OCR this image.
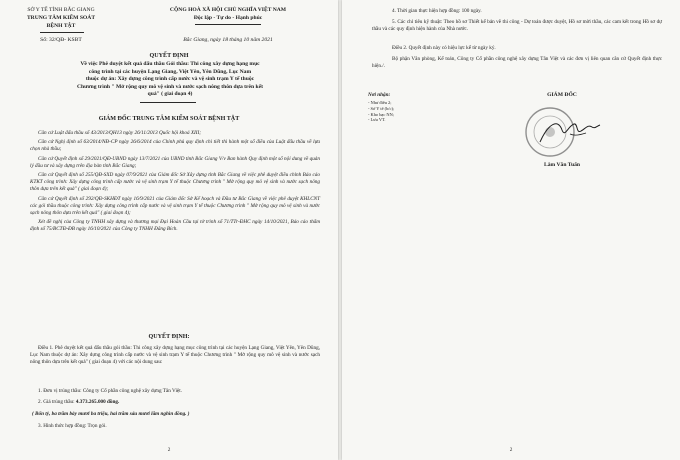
SỞ Y TẾ TỈNH BẮC GIANG
TRUNG TÂM KIỂM SOÁT
BỆNH TẬT
Số: 32/QĐ- KSBT
CỘNG HOÀ XÃ HỘI CHỦ NGHĨA VIỆT NAM
Độc lập - Tự do - Hạnh phúc
Bắc Giang, ngày 18 tháng 10 năm 2021
QUYẾT ĐỊNH
Về việc Phê duyệt kết quả đấu thầu Gói thầu: Thi công xây dựng hạng mục
công trình tại các huyện Lạng Giang, Việt Yên, Yên Dũng, Lục Nam
thuộc dự án: Xây dựng công trình cấp nước và vệ sinh trạm Y tế thuộc
Chương trình " Mở rộng quy mô vệ sinh và nước sạch nông thôn dựa trên kết
quả" ( giai đoạn 4)
GIÁM ĐỐC TRUNG TÂM KIỂM SOÁT BỆNH TẬT
Căn cứ Luật đấu thầu số 43/2013/QH13 ngày 26/11/2013 Quốc hội khoá XIII;
Căn cứ Nghị định số 63/2014/NĐ-CP ngày 26/6/2014 của Chính phủ quy định chi tiết thi hành một số điều của Luật đấu thầu về lựa chọn nhà thầu;
Căn cứ Quyết định số 29/2021/QĐ-UBND ngày 13/7/2021 của UBND tỉnh Bắc Giang V/v Ban hành Quy định một số nội dung về quản lý đầu tư và xây dựng trên địa bàn tỉnh Bắc Giang;
Căn cứ Quyết định số 255/QĐ-SXD ngày 07/9/2021 của Giám đốc Sở Xây dựng tỉnh Bắc Giang về việc phê duyệt điều chỉnh Báo cáo KTKT công trình: Xây dựng công trình cấp nước và vệ sinh trạm Y tế thuộc Chương trình " Mở rộng quy mô vệ sinh và nước sạch nông thôn dựa trên kết quả" ( giai đoạn 4);
Căn cứ Quyết định số 292/QĐ-SKHĐT ngày 16/9/2021 của Giám đốc Sở Kế hoạch và Đầu tư Bắc Giang về việc phê duyệt KHLCNT các gói thầu thuộc công trình: Xây dựng công trình cấp nước và vệ sinh trạm Y tế thuộc Chương trình " Mở rộng quy mô vệ sinh và nước sạch nông thôn dựa trên kết quả" ( giai đoạn 4);
Xét đề nghị của Công ty TNHH xây dựng và thương mại Đại Hoàn Cầu tại tờ trình số 71/TTr-ĐHC ngày 14/10/2021, Báo cáo thẩm định số 75/BCTĐ-ĐB ngày 16/10/2021 của Công ty TNHH Đăng Bích.
QUYẾT ĐỊNH:
Điều 1. Phê duyệt kết quả đấu thầu gói thầu: Thi công xây dựng hạng mục công trình tại các huyện Lạng Giang, Việt Yên, Yên Dũng, Lục Nam thuộc dự án: Xây dựng công trình cấp nước và vệ sinh trạm Y tế thuộc Chương trình " Mở rộng quy mô vệ sinh và nước sạch nông thôn dựa trên kết quả" ( giai đoạn 4) với các nội dung sau:
1. Đơn vị trúng thầu: Công ty Cổ phần công nghệ xây dựng Tân Việt.
2. Giá trúng thầu: 4.373.265.000 đồng.
( Bốn tỷ, ba trăm bảy mươi ba triệu, hai trăm sáu mươi lăm nghìn đồng. )
3. Hình thức hợp đồng: Trọn gói.
2
4. Thời gian thực hiện hợp đồng: 100 ngày.
5. Các chỉ tiêu kỹ thuật: Theo hồ sơ Thiết kế bản vẽ thi công - Dự toán được duyệt, Hồ sơ mời thầu, các cam kết trong Hồ sơ dự thầu và các quy định hiện hành của Nhà nước.
Điều 2. Quyết định này có hiệu lực kể từ ngày ký.
Bộ phận Văn phòng, Kế toán, Công ty Cổ phần công nghệ xây dựng Tân Việt và các đơn vị liên quan căn cứ Quyết định thực hiện./.
Nơi nhận:
- Như điều 2;
- Sở Y tế (b/c);
- Kho bạc NN;
- Lưu VT.
GIÁM ĐỐC
Lâm Văn Tuấn
2
